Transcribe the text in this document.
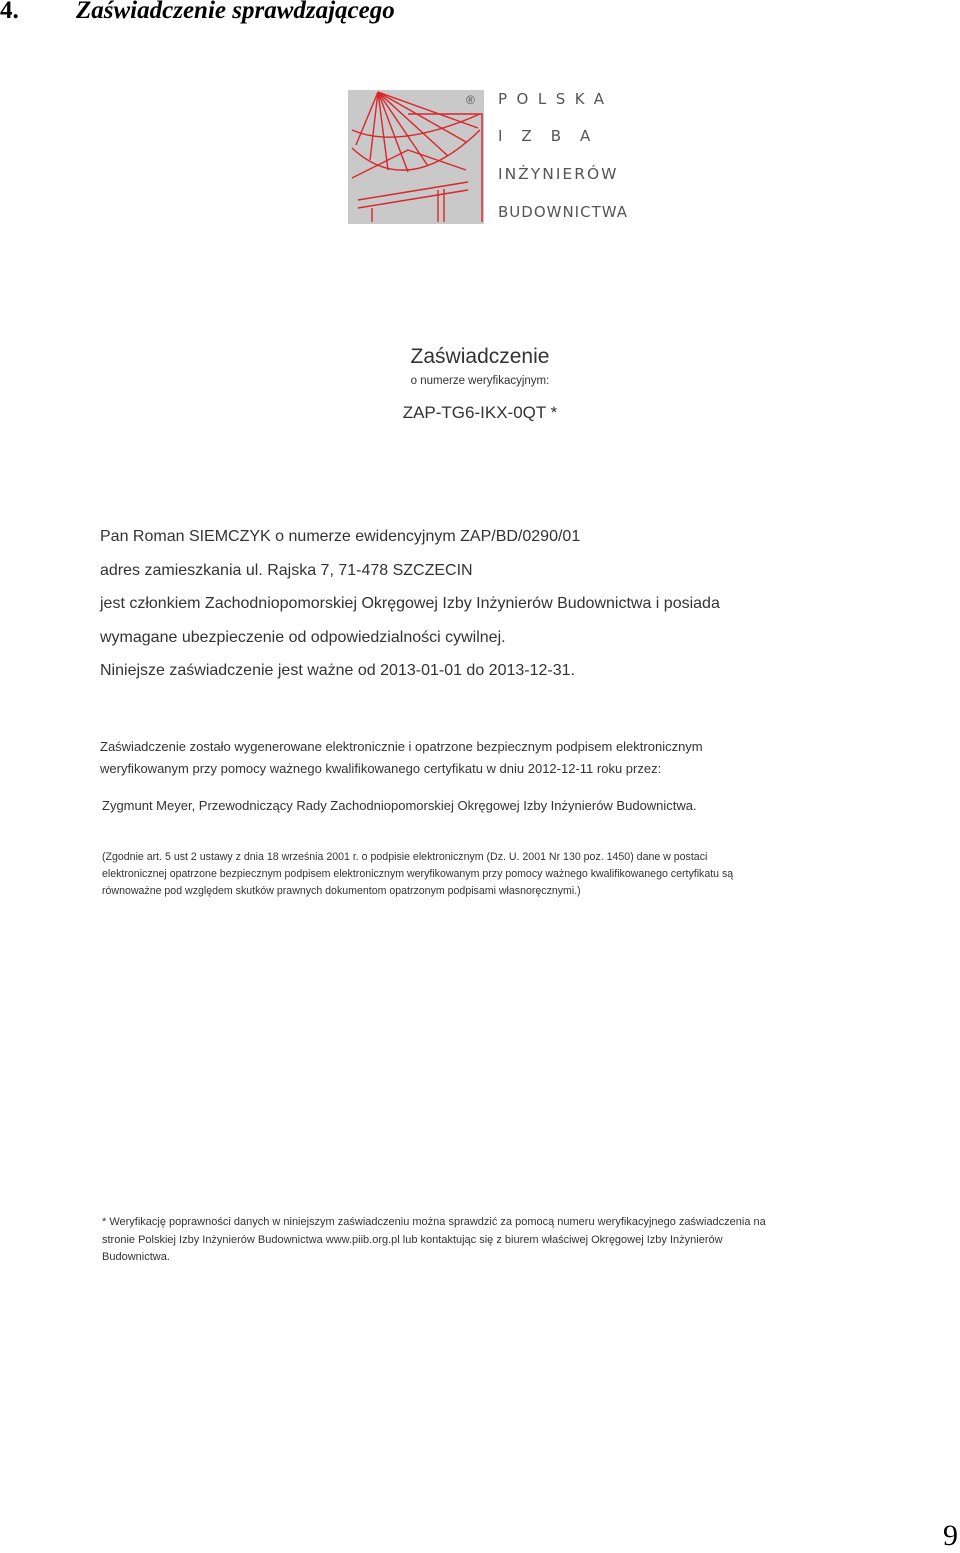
4. Zaświadczenie sprawdzającego
® POLSKA
IZBA
INŻYNIERÓW
BUDOWNICTWA
Zaświadczenie
o numerze weryfikacyjnym:
ZAP-TG6-IKX-0QT *
Pan Roman SIEMCZYK o numerze ewidencyjnym ZAP/BD/0290/01
adres zamieszkania ul. Rajska 7, 71-478 SZCZECIN
jest członkiem Zachodniopomorskiej Okręgowej Izby Inżynierów Budownictwa i posiada
wymagane ubezpieczenie od odpowiedzialności cywilnej.
Niniejsze zaświadczenie jest ważne od 2013-01-01 do 2013-12-31.
Zaświadczenie zostało wygenerowane elektronicznie i opatrzone bezpiecznym podpisem elektronicznym
weryfikowanym przy pomocy ważnego kwalifikowanego certyfikatu w dniu 2012-12-11 roku przez:
Zygmunt Meyer, Przewodniczący Rady Zachodniopomorskiej Okręgowej Izby Inżynierów Budownictwa.
(Zgodnie art. 5 ust 2 ustawy z dnia 18 września 2001 r. o podpisie elektronicznym (Dz. U. 2001 Nr 130 poz. 1450) dane w postaci
elektronicznej opatrzone bezpiecznym podpisem elektronicznym weryfikowanym przy pomocy ważnego kwalifikowanego certyfikatu są
równoważne pod względem skutków prawnych dokumentom opatrzonym podpisami własnoręcznymi.)
* Weryfikację poprawności danych w niniejszym zaświadczeniu można sprawdzić za pomocą numeru weryfikacyjnego zaświadczenia na
stronie Polskiej Izby Inżynierów Budownictwa www.piib.org.pl lub kontaktując się z biurem właściwej Okręgowej Izby Inżynierów
Budownictwa.
9
